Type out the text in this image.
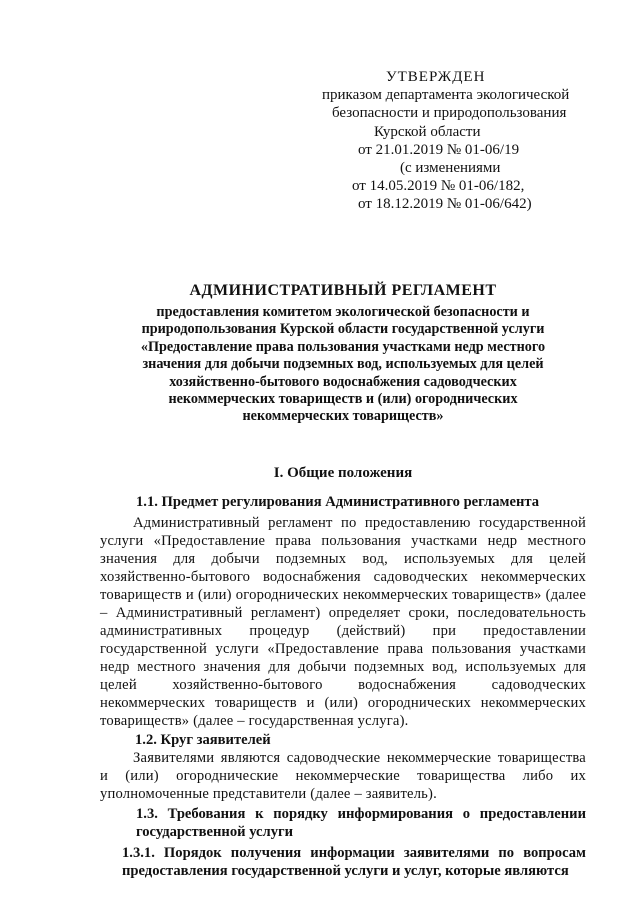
УТВЕРЖДЕН
приказом департамента экологической
безопасности и природопользования
Курской области
от 21.01.2019 № 01-06/19
(с изменениями
от 14.05.2019 № 01-06/182,
от 18.12.2019 № 01-06/642)
АДМИНИСТРАТИВНЫЙ РЕГЛАМЕНТ
предоставления комитетом экологической безопасности и
природопользования Курской области государственной услуги
«Предоставление права пользования участками недр местного
значения для добычи подземных вод, используемых для целей
хозяйственно-бытового водоснабжения садоводческих
некоммерческих товариществ и (или) огороднических
некоммерческих товариществ»
I. Общие положения
1.1. Предмет регулирования Административного регламента
Административный регламент по предоставлению государственной услуги «Предоставление права пользования участками недр местного значения для добычи подземных вод, используемых для целей хозяйственно-бытового водоснабжения садоводческих некоммерческих товариществ и (или) огороднических некоммерческих товариществ» (далее – Административный регламент) определяет сроки, последовательность административных процедур (действий) при предоставлении государственной услуги «Предоставление права пользования участками недр местного значения для добычи подземных вод, используемых для целей хозяйственно-бытового водоснабжения садоводческих некоммерческих товариществ и (или) огороднических некоммерческих товариществ» (далее – государственная услуга).
1.2. Круг заявителей
Заявителями являются садоводческие некоммерческие товарищества и (или) огороднические некоммерческие товарищества либо их уполномоченные представители (далее – заявитель).
1.3. Требования к порядку информирования о предоставлении государственной услуги
1.3.1. Порядок получения информации заявителями по вопросам предоставления государственной услуги и услуг, которые являются
